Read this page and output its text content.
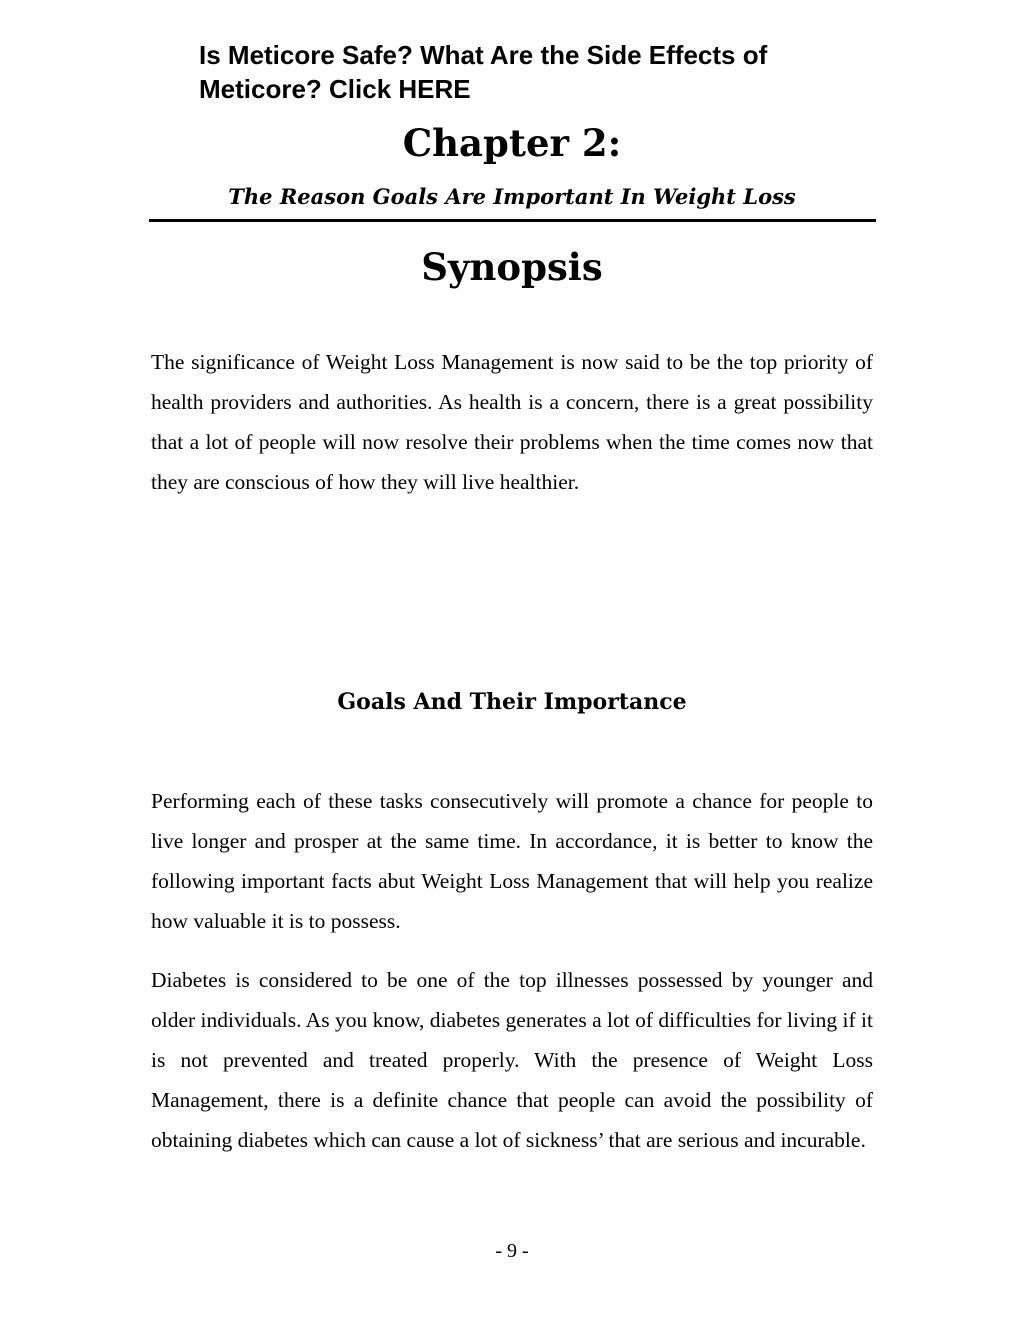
Is Meticore Safe? What Are the Side Effects of Meticore? Click HERE
Chapter 2:
The Reason Goals Are Important In Weight Loss
Synopsis

The significance of Weight Loss Management is now said to be the top priority of health providers and authorities. As health is a concern, there is a great possibility that a lot of people will now resolve their problems when the time comes now that they are conscious of how they will live healthier.

Goals And Their Importance

Performing each of these tasks consecutively will promote a chance for people to live longer and prosper at the same time. In accordance, it is better to know the following important facts abut Weight Loss Management that will help you realize how valuable it is to possess.

Diabetes is considered to be one of the top illnesses possessed by younger and older individuals. As you know, diabetes generates a lot of difficulties for living if it is not prevented and treated properly. With the presence of Weight Loss Management, there is a definite chance that people can avoid the possibility of obtaining diabetes which can cause a lot of sickness’ that are serious and incurable.

- 9 -
